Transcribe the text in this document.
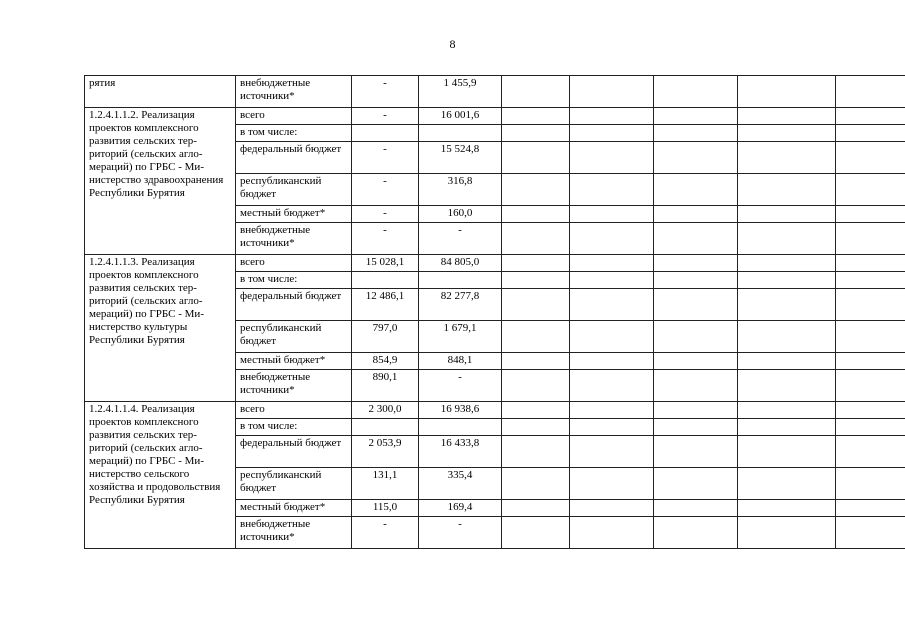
8
рятия	внебюджетные источники*	-	1 455,9					
1.2.4.1.1.2. Реализация проектов комплексного развития сельских территорий (сельских агломераций) по ГРБС - Министерство здравоохранения Республики Бурятия	всего	-	16 001,6					
	в том числе:							
	федеральный бюджет	-	15 524,8					
	республиканский бюджет	-	316,8					
	местный бюджет*	-	160,0					
	внебюджетные источники*	-	-					
1.2.4.1.1.3. Реализация проектов комплексного развития сельских территорий (сельских агломераций) по ГРБС - Министерство культуры Республики Бурятия	всего	15 028,1	84 805,0					
	в том числе:							
	федеральный бюджет	12 486,1	82 277,8					
	республиканский бюджет	797,0	1 679,1					
	местный бюджет*	854,9	848,1					
	внебюджетные источники*	890,1	-					
1.2.4.1.1.4. Реализация проектов комплексного развития сельских территорий (сельских агломераций) по ГРБС - Министерство сельского хозяйства и продовольствия Республики Бурятия	всего	2 300,0	16 938,6					
	в том числе:							
	федеральный бюджет	2 053,9	16 433,8					
	республиканский бюджет	131,1	335,4					
	местный бюджет*	115,0	169,4					
	внебюджетные источники*	-	-					
